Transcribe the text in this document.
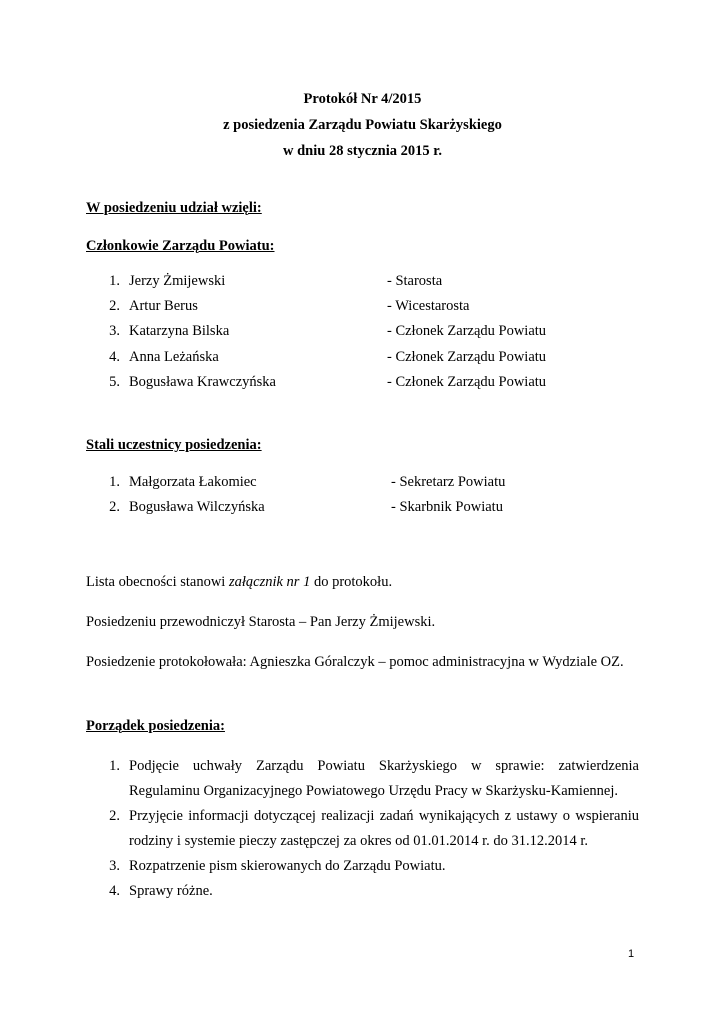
Protokół Nr 4/2015
z posiedzenia Zarządu Powiatu Skarżyskiego
w dniu 28 stycznia 2015 r.
W posiedzeniu udział wzięli:
Członkowie Zarządu Powiatu:
1. Jerzy Żmijewski	- Starosta
2. Artur Berus	- Wicestarosta
3. Katarzyna Bilska	- Członek Zarządu Powiatu
4. Anna Leżańska	- Członek Zarządu Powiatu
5. Bogusława Krawczyńska	- Członek Zarządu Powiatu
Stali uczestnicy posiedzenia:
1. Małgorzata Łakomiec	- Sekretarz Powiatu
2. Bogusława Wilczyńska	- Skarbnik Powiatu
Lista obecności stanowi załącznik nr 1 do protokołu.
Posiedzeniu przewodniczył Starosta – Pan Jerzy Żmijewski.
Posiedzenie protokołowała: Agnieszka Góralczyk – pomoc administracyjna w Wydziale OZ.
Porządek posiedzenia:
1. Podjęcie uchwały Zarządu Powiatu Skarżyskiego w sprawie: zatwierdzenia Regulaminu Organizacyjnego Powiatowego Urzędu Pracy w Skarżysku-Kamiennej.
2. Przyjęcie informacji dotyczącej realizacji zadań wynikających z ustawy o wspieraniu rodziny i systemie pieczy zastępczej za okres od 01.01.2014 r. do 31.12.2014 r.
3. Rozpatrzenie pism skierowanych do Zarządu Powiatu.
4. Sprawy różne.
1
